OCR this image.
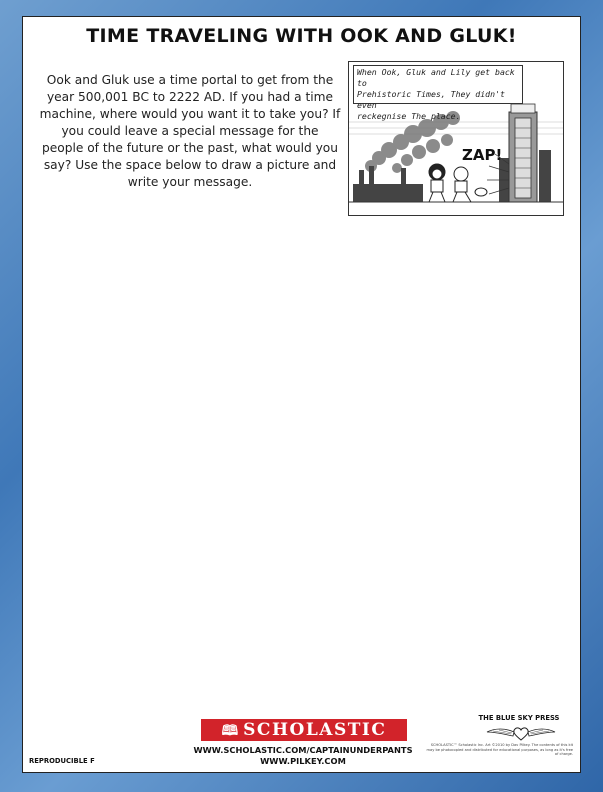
TIME TRAVELING WITH OOK AND GLUK!
Ook and Gluk use a time portal to get from the year 500,001 BC to 2222 AD. If you had a time machine, where would you want it to take you? If you could leave a special message for the people of the future or the past, what would you say? Use the space below to draw a picture and write your message.
ZAP!
When Ook, Gluk and Lily get back to
Prehistoric Times, They didn't even
reckegnise The place.
🕮 SCHOLASTIC
WWW.SCHOLASTIC.COM/CAPTAINUNDERPANTS
WWW.PILKEY.COM
REPRODUCIBLE F
THE BLUE SKY PRESS
SCHOLASTIC™ Scholastic Inc. Art ©2010 by Dav Pilkey. The contents of this kit may be photocopied and distributed for educational purposes, as long as it's free of charge.
